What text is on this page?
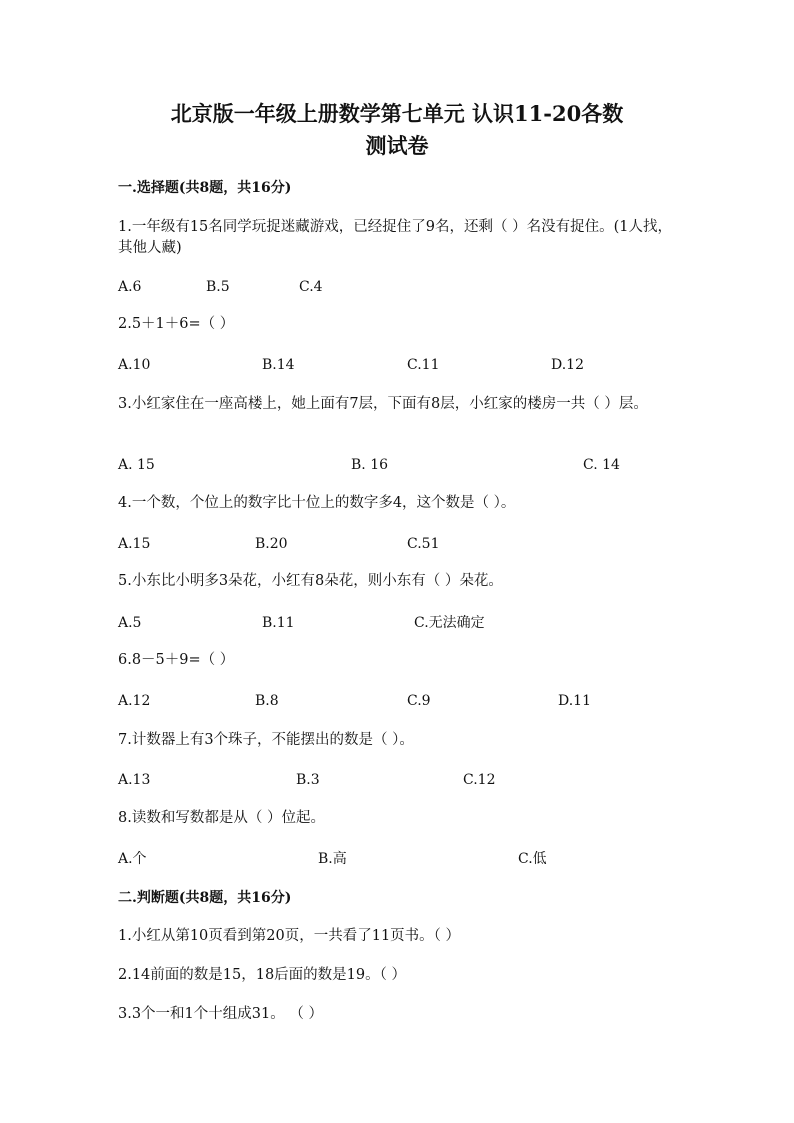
北京版一年级上册数学第七单元 认识11-20各数
测试卷
一.选择题(共8题，共16分)
1.一年级有15名同学玩捉迷藏游戏，已经捉住了9名，还剩（ ）名没有捉住。(1人找，其他人藏)
A.6	B.5	C.4
2.5＋1＋6=（ ）
A.10	B.14	C.11	D.12
3.小红家住在一座高楼上，她上面有7层，下面有8层，小红家的楼房一共（ ）层。
A. 15	B. 16	C. 14
4.一个数，个位上的数字比十位上的数字多4，这个数是（ ）。
A.15	B.20	C.51
5.小东比小明多3朵花，小红有8朵花，则小东有（ ）朵花。
A.5	B.11	C.无法确定
6.8－5＋9=（ ）
A.12	B.8	C.9	D.11
7.计数器上有3个珠子，不能摆出的数是（ ）。
A.13	B.3	C.12
8.读数和写数都是从（ ）位起。
A.个	B.高	C.低
二.判断题(共8题，共16分)
1.小红从第10页看到第20页，一共看了11页书。（ ）
2.14前面的数是15，18后面的数是19。（ ）
3.3个一和1个十组成31。 （ ）
